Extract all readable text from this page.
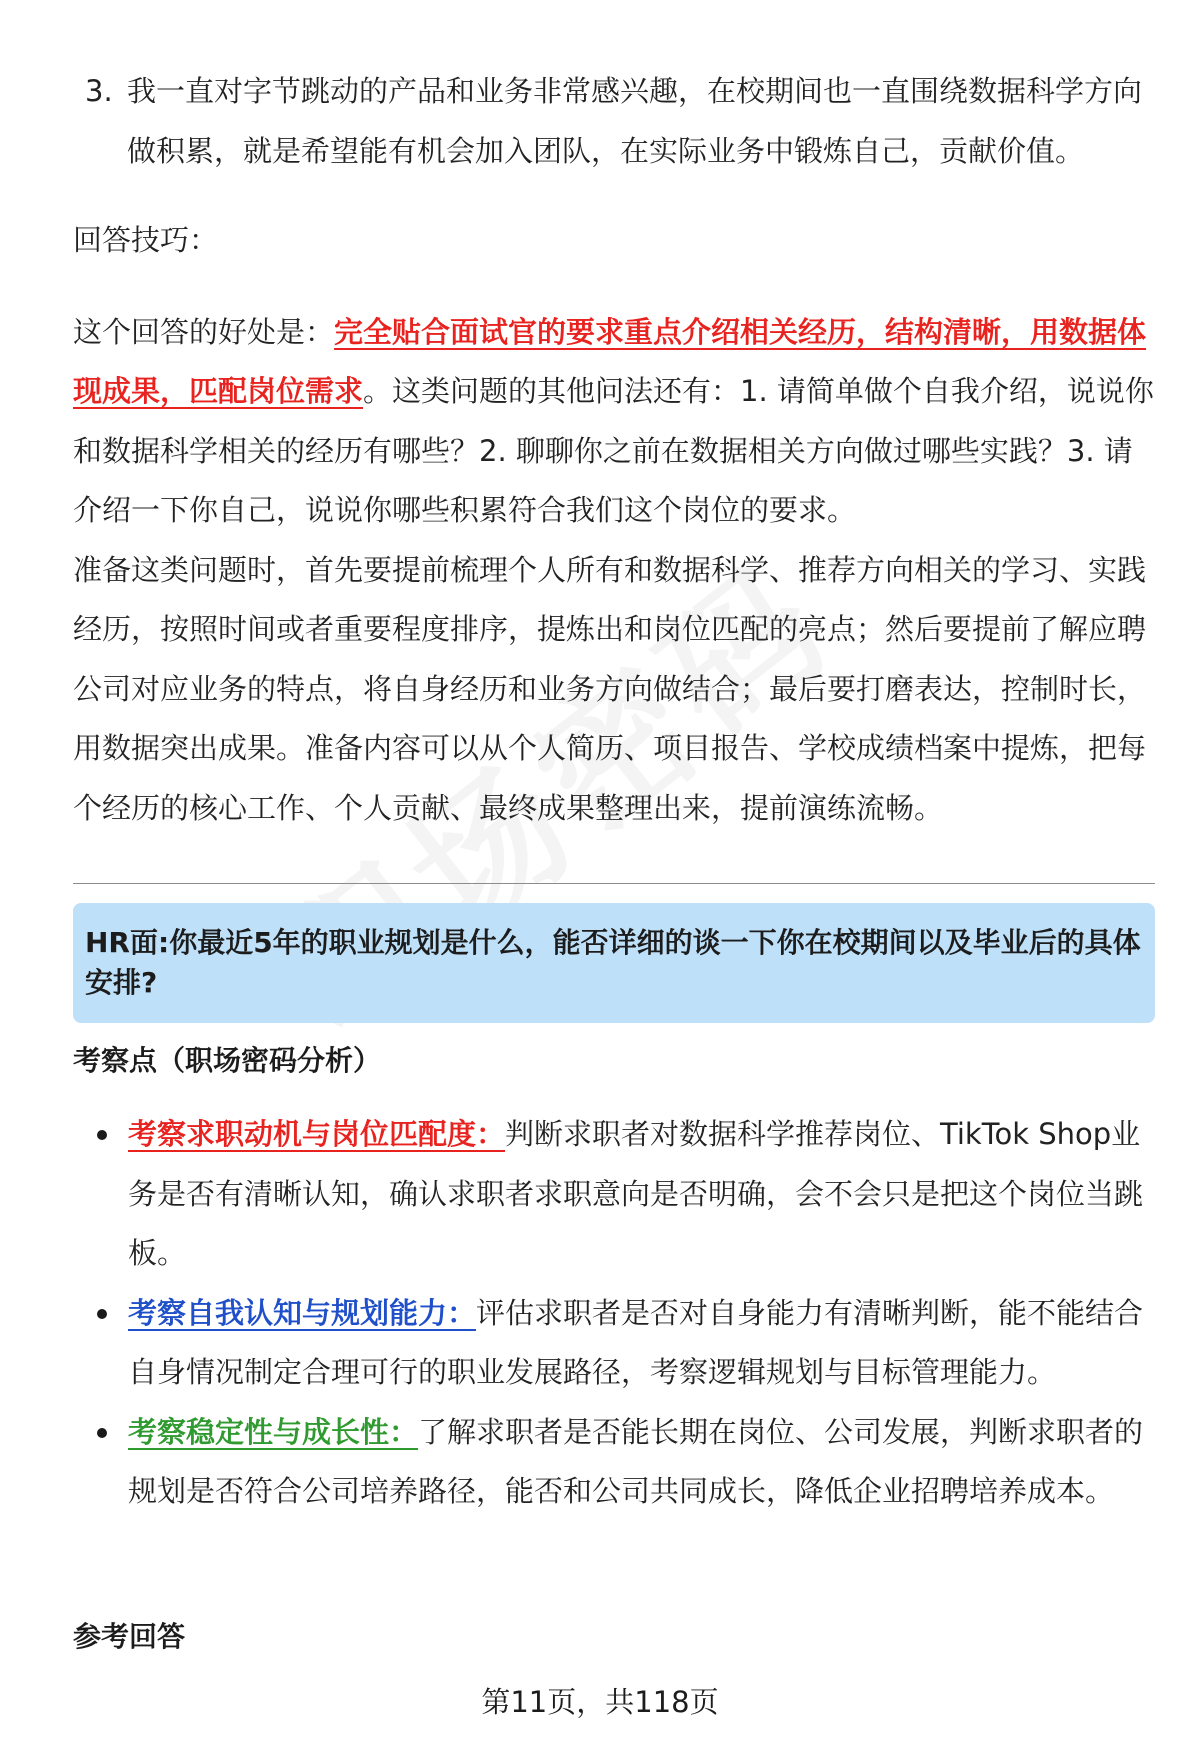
3. 我一直对字节跳动的产品和业务非常感兴趣，在校期间也一直围绕数据科学方向做积累，就是希望能有机会加入团队，在实际业务中锻炼自己，贡献价值。

回答技巧：

这个回答的好处是：完全贴合面试官的要求重点介绍相关经历，结构清晰，用数据体现成果，匹配岗位需求。这类问题的其他问法还有：1. 请简单做个自我介绍，说说你和数据科学相关的经历有哪些？2. 聊聊你之前在数据相关方向做过哪些实践？3. 请介绍一下你自己，说说你哪些积累符合我们这个岗位的要求。

准备这类问题时，首先要提前梳理个人所有和数据科学、推荐方向相关的学习、实践经历，按照时间或者重要程度排序，提炼出和岗位匹配的亮点；然后要提前了解应聘公司对应业务的特点，将自身经历和业务方向做结合；最后要打磨表达，控制时长，用数据突出成果。准备内容可以从个人简历、项目报告、学校成绩档案中提炼，把每个经历的核心工作、个人贡献、最终成果整理出来，提前演练流畅。

HR面:你最近5年的职业规划是什么，能否详细的谈一下你在校期间以及毕业后的具体安排?
考察点（职场密码分析）
考察求职动机与岗位匹配度：判断求职者对数据科学推荐岗位、TikTok Shop业务是否有清晰认知，确认求职者求职意向是否明确，会不会只是把这个岗位当跳板。
考察自我认知与规划能力：评估求职者是否对自身能力有清晰判断，能不能结合自身情况制定合理可行的职业发展路径，考察逻辑规划与目标管理能力。
考察稳定性与成长性：了解求职者是否能长期在岗位、公司发展，判断求职者的规划是否符合公司培养路径，能否和公司共同成长，降低企业招聘培养成本。
参考回答
第11页，共118页
